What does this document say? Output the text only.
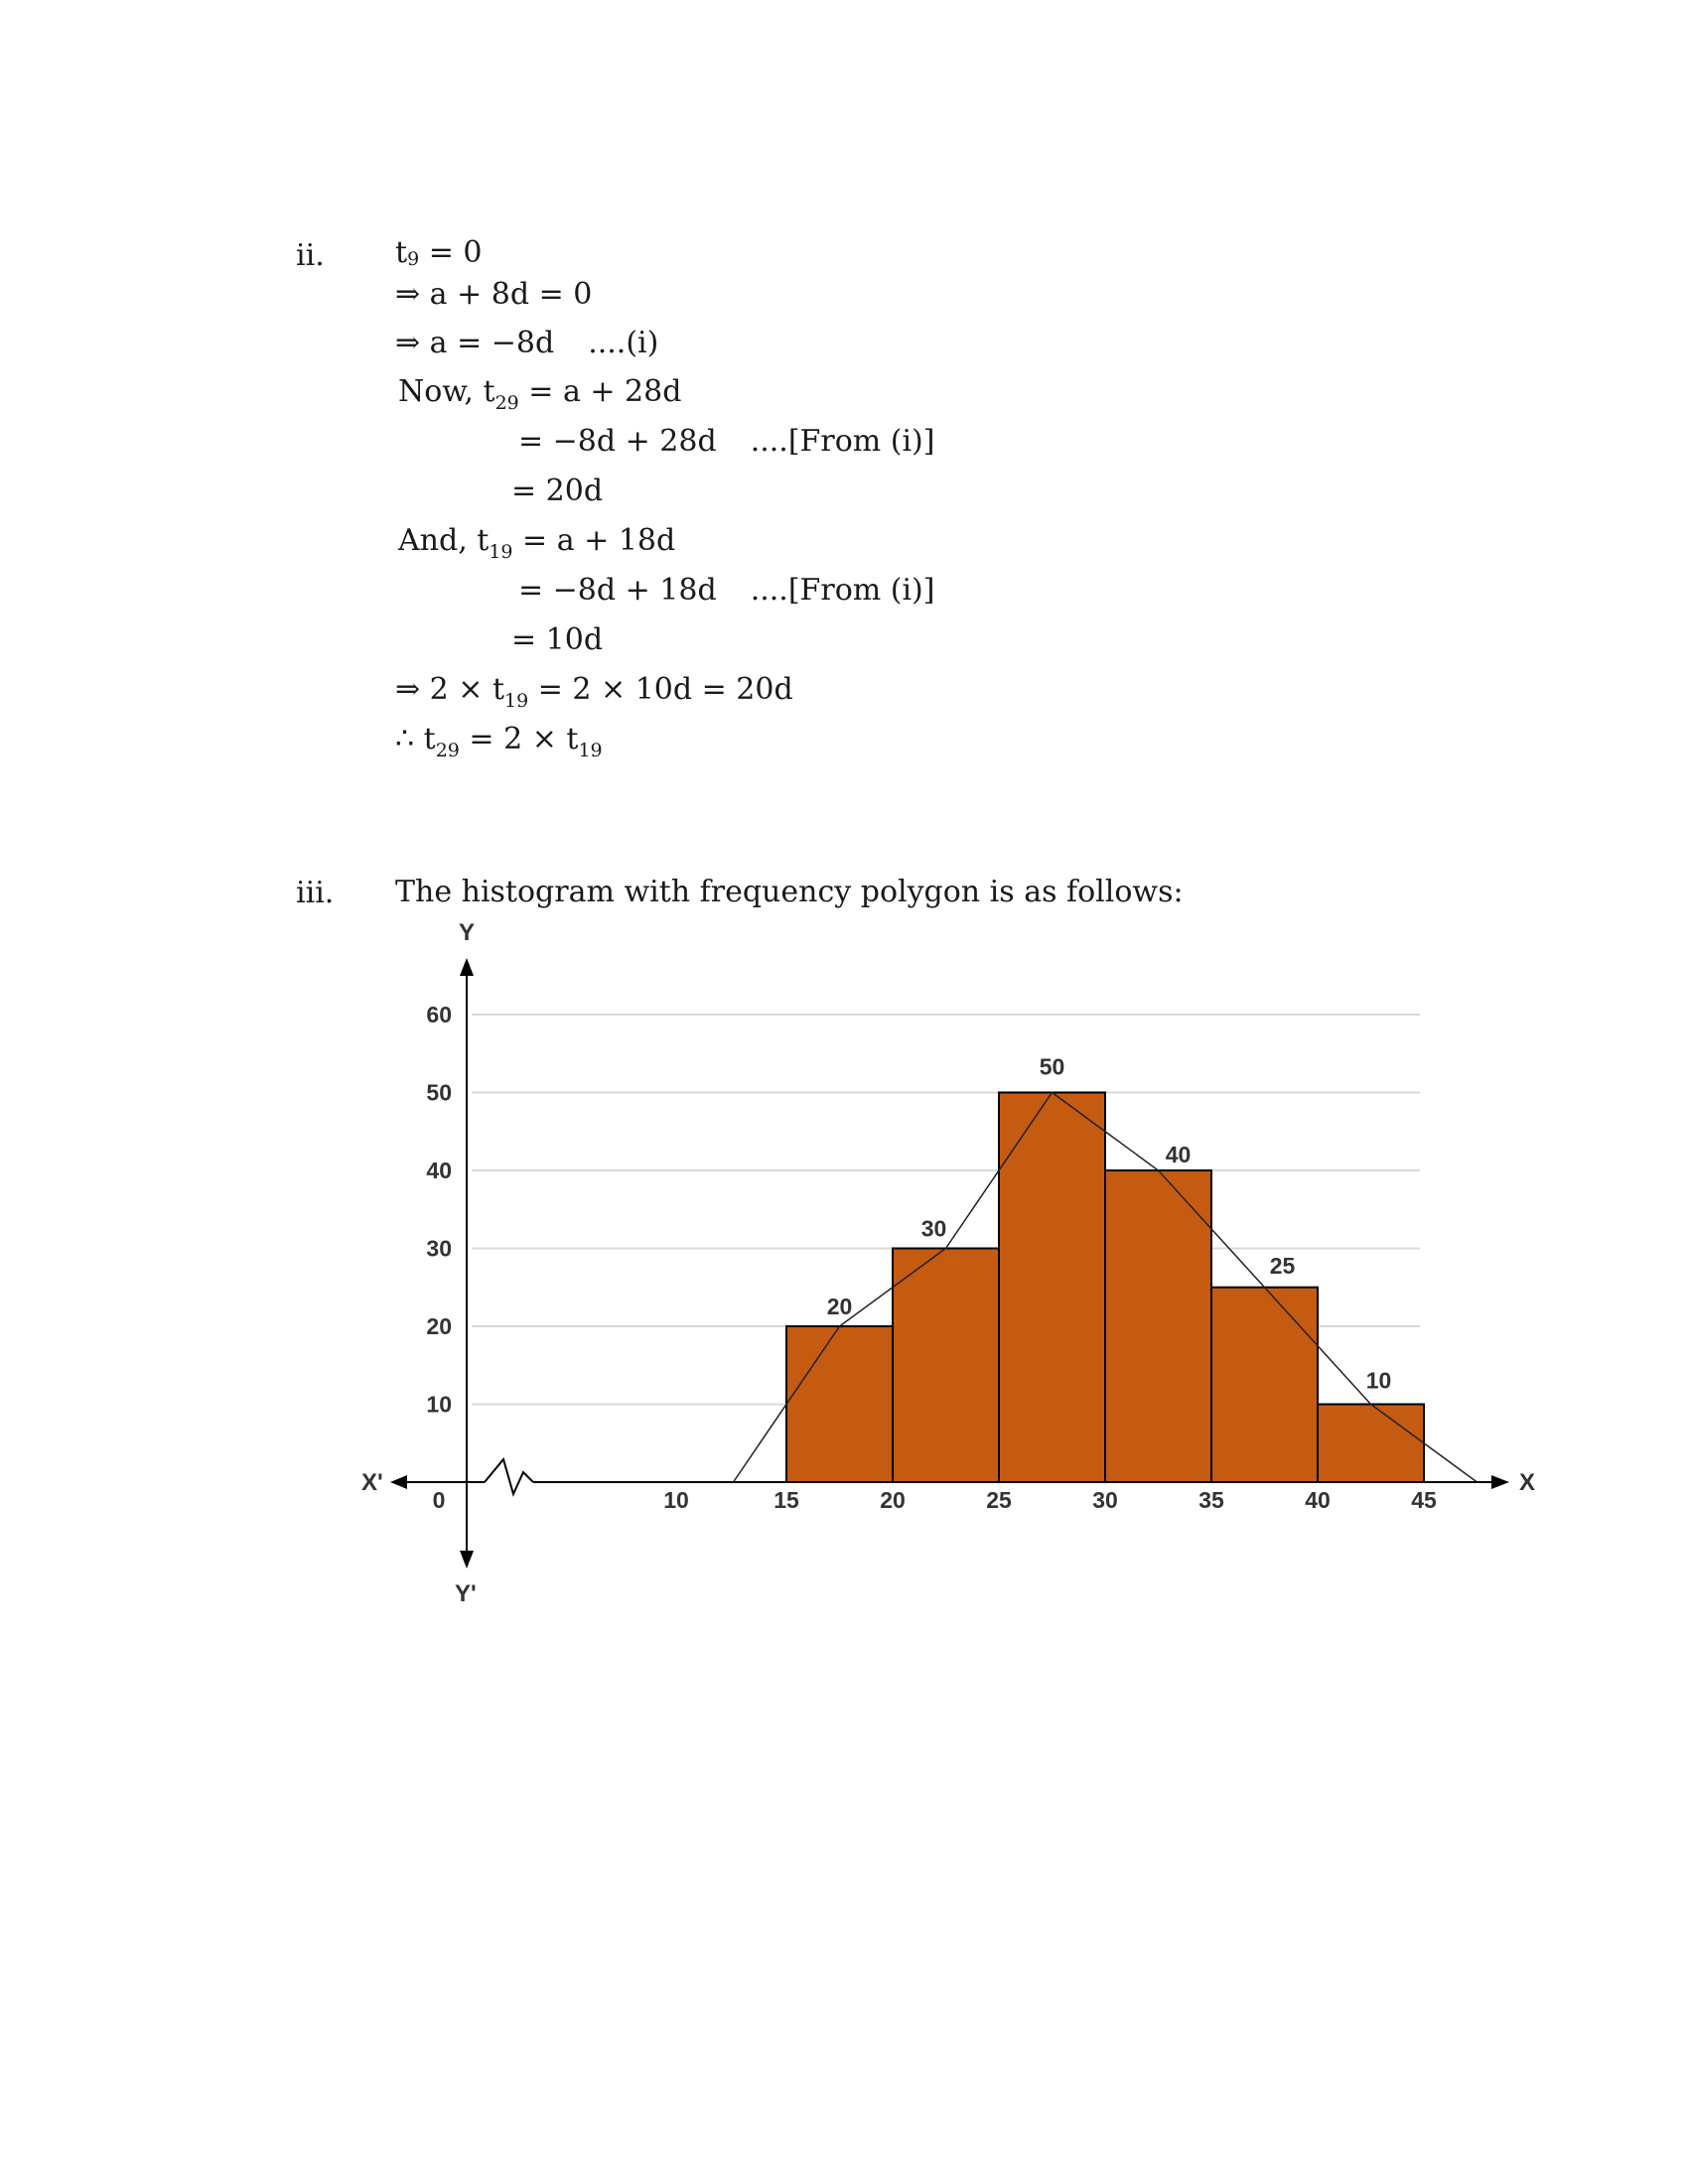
ii. t9 = 0
⇒ a + 8d = 0
⇒ a = −8d ....(i)
Now, $t_{29} = a + 28d$
= −8d + 28d ....[From (i)]
= 20d
And, $t_{19} = a + 18d$
= −8d + 18d ....[From (i)]
= 10d
⇒ $2 \times t_{19} = 2 \times 10d = 20d$
∴ $t_{29} = 2 \times t_{19}$
iii. The histogram with frequency polygon is as follows:
20
30
50
40
25
10
10
20
30
40
50
60
0	10	15	20	25	30	35	40	45
X
X'
Y
Y'
